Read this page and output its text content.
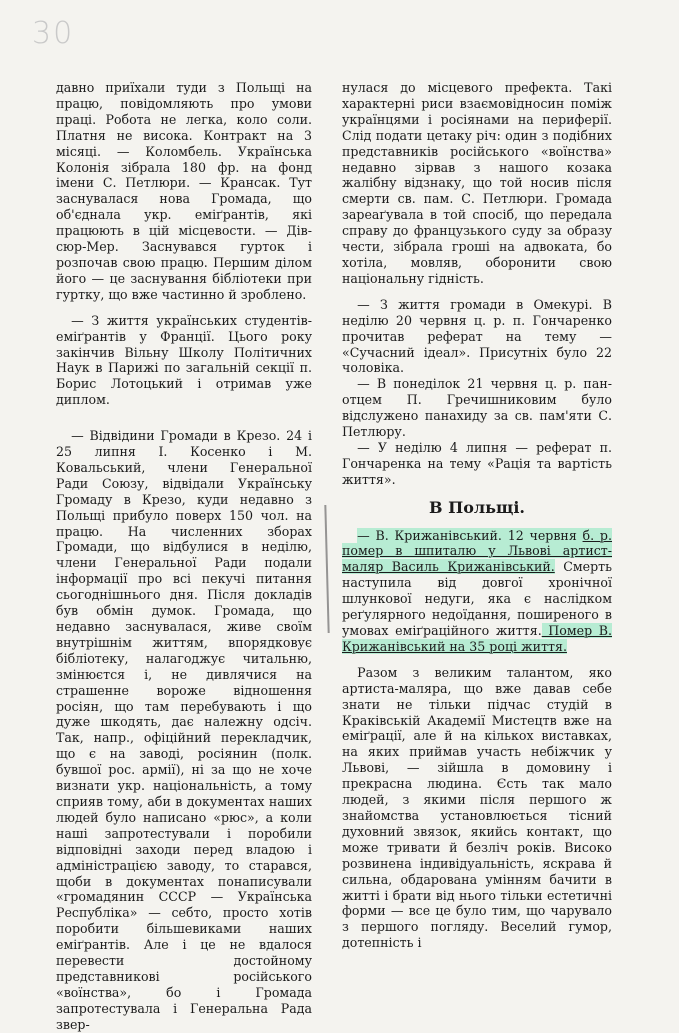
30

давно приїхали туди з Польщі на працю, повідомляють про умови праці. Робота не легка, коло соли. Платня не висока. Контракт на 3 місяці. — Коломбель. Українська Колонія зібрала 180 фр. на фонд імени С. Петлюри. — Крансак. Тут заснувалася нова Громада, що об'єднала укр. еміґрантів, які працюють в цій місцевости. — Дів-сюр-Мер. Заснувався гурток і розпочав свою працю. Першим ділом його — це заснування бібліотеки при гуртку, що вже частинно й зроблено.

— З життя українських студентів-еміґрантів у Франції. Цього року закінчив Вільну Школу Політичних Наук в Парижі по загальній секції п. Борис Лотоцький і отримав уже диплом.

— Відвідини Громади в Крезо. 24 і 25 липня І. Косенко і М. Ковальський, члени Генеральної Ради Союзу, відвідали Українську Громаду в Крезо, куди недавно з Польщі прибуло поверх 150 чол. на працю. На численних зборах Громади, що відбулися в неділю, члени Генеральної Ради подали інформації про всі пекучі питання сьогоднішнього дня. Після докладів був обмін думок. Громада, що недавно заснувалася, живе своїм внутрішнім життям, впорядковує бібліотеку, налагоджує читальню, змінюєтся і, не дивлячися на страшенне вороже відношення росіян, що там перебувають і що дуже шкодять, дає належну одсіч. Так, напр., офіційний перекладчик, що є на заводі, росіянин (полк. бувшої рос. армії), ні за що не хоче визнати укр. національність, а тому сприяв тому, аби в документах наших людей було написано «рюс», а коли наші запротестували і поробили відповідні заходи перед владою і адміністрацією заводу, то старався, щоби в документах понаписували «громадянин СССР — Українська Республіка» — себто, просто хотів поробити більшевиками наших еміґрантів. Але і це не вдалося перевести достойному представникові російського «воїнства», бо і Громада запротестувала і Генеральна Рада звер-

нулася до місцевого префекта. Такі характерні риси взаємовідносин поміж українцями і росіянами на периферії. Слід подати цетаку річ: один з подібних представників російського «воїнства» недавно зірвав з нашого козака жалібну відзнаку, що той носив після смерти св. пам. С. Петлюри. Громада зареаґувала в той спосіб, що передала справу до французького суду за образу чести, зібрала гроші на адвоката, бо хотіла, мовляв, оборонити свою національну гідність.

— З життя громади в Омекурі. В неділю 20 червня ц. р. п. Гончаренко прочитав реферат на тему — «Сучасний ідеал». Присутніх було 22 чоловіка.

— В понеділок 21 червня ц. р. пан-отцем П. Гречишниковим було відслужено панахиду за св. пам'яти С. Петлюру.

— У неділю 4 липня — реферат п. Гончаренка на тему «Рація та вартість життя».

В Польщі.

— В. Крижанівський. 12 червня б. р. помер в шпиталю у Львові артист-маляр Василь Крижанівський. Смерть наступила від довгої хронічної шлункової недуги, яка є наслідком реґулярного недоїдання, поширеного в умовах еміґраційного життя. Помер В. Крижанівський на 35 році життя.

Разом з великим талантом, яко артиста-маляра, що вже давав себе знати не тільки підчас студій в Краківській Академії Мистецтв вже на еміґрації, але й на кількох виставках, на яких приймав участь небіжчик у Львові, — зійшла в домовину і прекрасна людина. Єсть так мало людей, з якими після першого ж знайомства установлюється тісний духовний звязок, якийсь контакт, що може тривати й безліч років. Високо розвинена індивідуальність, яскрава й сильна, обдарована умінням бачити в житті і брати від нього тільки естетичні форми — все це було тим, що чарувало з першого погляду. Веселий гумор, дотепність і
